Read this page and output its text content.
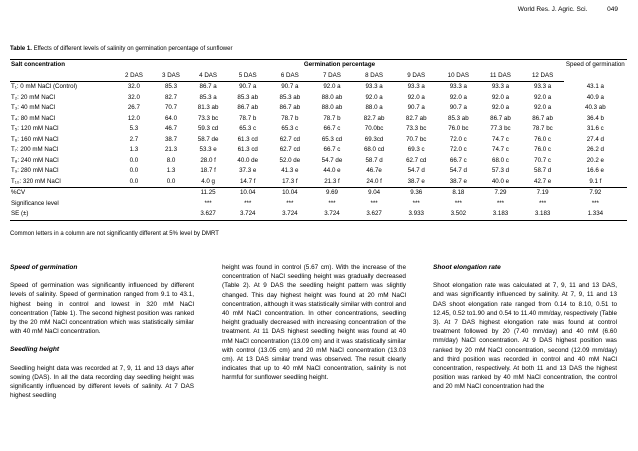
World Res. J. Agric. Sci.	049
Table 1. Effects of different levels of salinity on germination percentage of sunflower
Salt concentration	Germination percentage											Speed of germination
	2 DAS	3 DAS	4 DAS	5 DAS	6 DAS	7 DAS	8 DAS	9 DAS	10 DAS	11 DAS	12 DAS	
T₁: 0 mM NaCl (Control)	32.0	85.3	86.7 a	90.7 a	90.7 a	92.0 a	93.3 a	93.3 a	93.3 a	93.3 a	93.3 a	43.1 a
T₂: 20 mM NaCl	32.0	82.7	85.3 a	85.3 ab	85.3 ab	88.0 ab	92.0 a	92.0 a	92.0 a	92.0 a	92.0 a	40.9 a
T₃: 40 mM NaCl	26.7	70.7	81.3 ab	86.7 ab	86.7 ab	88.0 ab	88.0 a	90.7 a	90.7 a	92.0 a	92.0 a	40.3 ab
T₄: 80 mM NaCl	12.0	64.0	73.3 bc	78.7 b	78.7 b	78.7 b	82.7 ab	82.7 ab	85.3 ab	86.7 ab	86.7 ab	36.4 b
T₅: 120 mM NaCl	5.3	46.7	59.3 cd	65.3 c	65.3 c	66.7 c	70.0bc	73.3 bc	76.0 bc	77.3 bc	78.7 bc	31.6 c
T₆: 160 mM NaCl	2.7	38.7	58.7 de	61.3 cd	62.7 cd	65.3 cd	69.3cd	70.7 bc	72.0 c	74.7 c	76.0 c	27.4 d
T₇: 200 mM NaCl	1.3	21.3	53.3 e	61.3 cd	62.7 cd	66.7 c	68.0 cd	69.3 c	72.0 c	74.7 c	76.0 c	26.2 d
T₈: 240 mM NaCl	0.0	8.0	28.0 f	40.0 de	52.0 de	54.7 de	58.7 d	62.7 cd	66.7 c	68.0 c	70.7 c	20.2 e
T₉: 280 mM NaCl	0.0	1.3	18.7 f	37.3 e	41.3 e	44.0 e	46.7e	54.7 d	54.7 d	57.3 d	58.7 d	16.6 e
T₁₀: 320 mM NaCl	0.0	0.0	4.0 g	14.7 f	17.3 f	21.3 f	24.0 f	38.7 e	38.7 e	40.0 e	42.7 e	9.1 f
%CV			11.25	10.04	10.04	9.69	9.04	9.36	8.18	7.29	7.19	7.92
Significance level			***	***	***	***	***	***	***	***	***	***
SE (±)			3.627	3.724	3.724	3.724	3.627	3.933	3.502	3.183	3.183	1.334
Common letters in a column are not significantly different at 5% level by DMRT
Speed of germination

Speed of germination was significantly influenced by different levels of salinity. Speed of germination ranged from 9.1 to 43.1, highest being in control and lowest in 320 mM NaCl concentration (Table 1). The second highest position was ranked by the 20 mM NaCl concentration which was statistically similar with 40 mM NaCl concentration.

Seedling height

Seedling height data was recorded at 7, 9, 11 and 13 days after sowing (DAS). In all the data recording day seedling height was significantly influenced by different levels of salinity. At 7 DAS highest seedling

height was found in control (5.67 cm). With the increase of the concentration of NaCl seedling height was gradually decreased (Table 2). At 9 DAS the seedling height pattern was slightly changed. This day highest height was found at 20 mM NaCl concentration, although it was statistically similar with control and 40 mM NaCl concentration. In other concentrations, seedling height gradually decreased with increasing concentration of the treatment. At 11 DAS highest seedling height was found at 40 mM NaCl concentration (13.09 cm) and it was statistically similar with control (13.05 cm) and 20 mM NaCl concentration (13.03 cm). At 13 DAS similar trend was observed. The result clearly indicates that up to 40 mM NaCl concentration, salinity is not harmful for sunflower seedling height.

Shoot elongation rate

Shoot elongation rate was calculated at 7, 9, 11 and 13 DAS, and was significantly influenced by salinity. At 7, 9, 11 and 13 DAS shoot elongation rate ranged from 0.14 to 8.10, 0.51 to 12.45, 0.52 to1.90 and 0.54 to 11.40 mm/day, respectively (Table 3). At 7 DAS highest elongation rate was found at control treatment followed by 20 (7.40 mm/day) and 40 mM (6.60 mm/day) NaCl concentration. At 9 DAS highest position was ranked by 20 mM NaCl concentration, second (12.09 mm/day) and third position was recorded in control and 40 mM NaCl concentration, respectively. At both 11 and 13 DAS the highest position was ranked by 40 mM NaCl concentration, the control and 20 mM NaCl concentration had the
